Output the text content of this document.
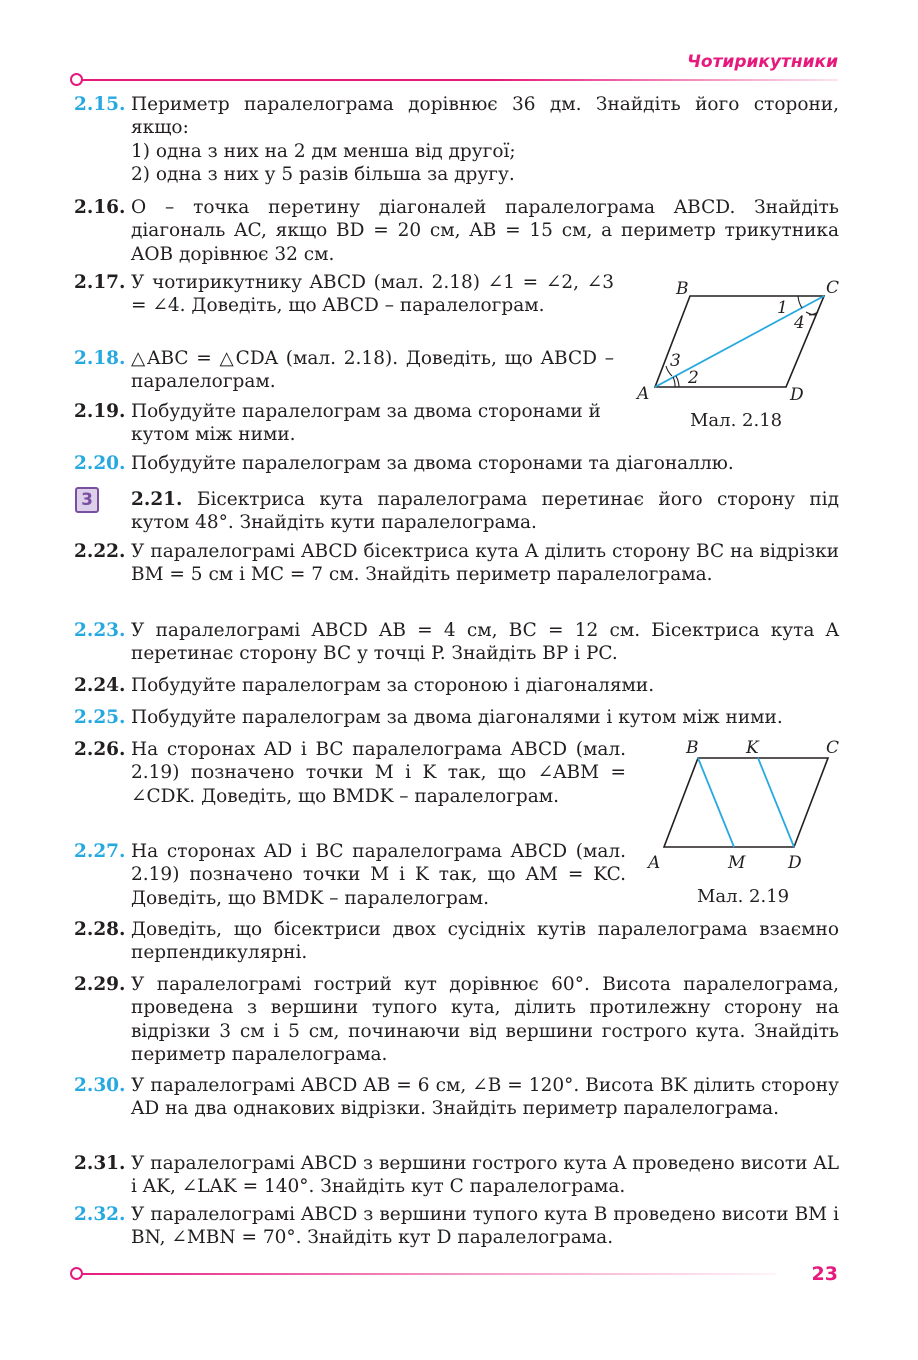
Чотирикутники
2.15. Периметр паралелограма дорівнює 36 дм. Знайдіть його сторони, якщо:

1) одна з них на 2 дм менша від другої;

2) одна з них у 5 разів більша за другу.

2.16. O – точка перетину діагоналей паралелограма ABCD. Знайдіть діагональ AC, якщо BD = 20 см, AB = 15 см, а периметр трикутника AOB дорівнює 32 см.

2.17. У чотирикутнику ABCD (мал. 2.18) ∠1 = ∠2, ∠3 = ∠4. Доведіть, що ABCD – паралелограм.

2.18. △ABC = △CDA (мал. 2.18). Доведіть, що ABCD – паралелограм.

2.19. Побудуйте паралелограм за двома сторонами й кутом між ними.

B	C
A	D
1
4
3
2
Мал. 2.18
2.20. Побудуйте паралелограм за двома сторонами та діагоналлю.

3	2.21. Бісектриса кута паралелограма перетинає його сторону під кутом 48°. Знайдіть кути паралелограма.

2.22. У паралелограмі ABCD бісектриса кута A ділить сторону BC на відрізки BM = 5 см і MC = 7 см. Знайдіть периметр паралелограма.

2.23. У паралелограмі ABCD AB = 4 см, BC = 12 см. Бісектриса кута A перетинає сторону BC у точці P. Знайдіть BP і PC.

2.24. Побудуйте паралелограм за стороною і діагоналями.

2.25. Побудуйте паралелограм за двома діагоналями і кутом між ними.

2.26. На сторонах AD і BC паралелограма ABCD (мал. 2.19) позначено точки M і K так, що ∠ABM = ∠CDK. Доведіть, що BMDK – паралелограм.

2.27. На сторонах AD і BC паралелограма ABCD (мал. 2.19) позначено точки M і K так, що AM = KC. Доведіть, що BMDK – паралелограм.

B	K	C
A	M	D
Мал. 2.19
2.28. Доведіть, що бісектриси двох сусідніх кутів паралелограма взаємно перпендикулярні.

2.29. У паралелограмі гострий кут дорівнює 60°. Висота паралелограма, проведена з вершини тупого кута, ділить протилежну сторону на відрізки 3 см і 5 см, починаючи від вершини гострого кута. Знайдіть периметр паралелограма.

2.30. У паралелограмі ABCD AB = 6 см, ∠B = 120°. Висота BK ділить сторону AD на два однакових відрізки. Знайдіть периметр паралелограма.

2.31. У паралелограмі ABCD з вершини гострого кута A проведено висоти AL і AK, ∠LAK = 140°. Знайдіть кут C паралелограма.

2.32. У паралелограмі ABCD з вершини тупого кута B проведено висоти BM і BN, ∠MBN = 70°. Знайдіть кут D паралелограма.

23
